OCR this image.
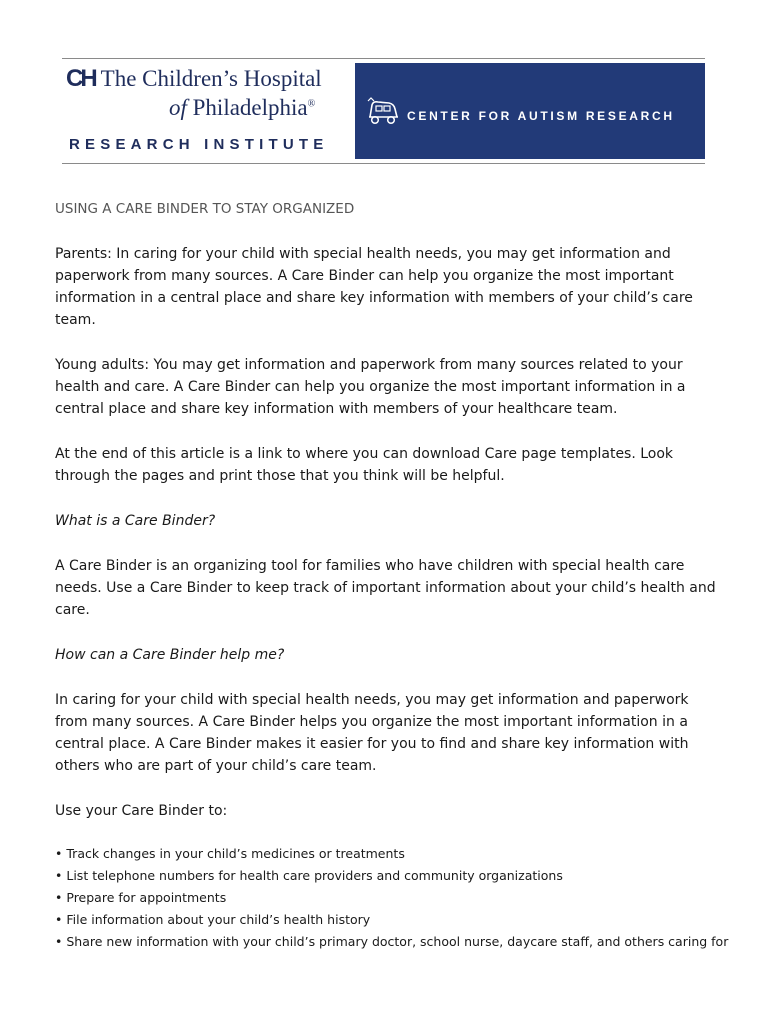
CH The Children’s Hospital
of Philadelphia®
RESEARCH INSTITUTE
CENTER FOR AUTISM RESEARCH

USING A CARE BINDER TO STAY ORGANIZED

Parents: In caring for your child with special health needs, you may get information and paperwork from many sources. A Care Binder can help you organize the most important information in a central place and share key information with members of your child’s care team.

Young adults: You may get information and paperwork from many sources related to your health and care. A Care Binder can help you organize the most important information in a central place and share key information with members of your healthcare team.

At the end of this article is a link to where you can download Care page templates. Look through the pages and print those that you think will be helpful.

What is a Care Binder?

A Care Binder is an organizing tool for families who have children with special health care needs. Use a Care Binder to keep track of important information about your child’s health and care.

How can a Care Binder help me?

In caring for your child with special health needs, you may get information and paperwork from many sources. A Care Binder helps you organize the most important information in a central place. A Care Binder makes it easier for you to find and share key information with others who are part of your child’s care team.

Use your Care Binder to:

• Track changes in your child’s medicines or treatments
• List telephone numbers for health care providers and community organizations
• Prepare for appointments
• File information about your child’s health history
• Share new information with your child’s primary doctor, school nurse, daycare staff, and others caring for
